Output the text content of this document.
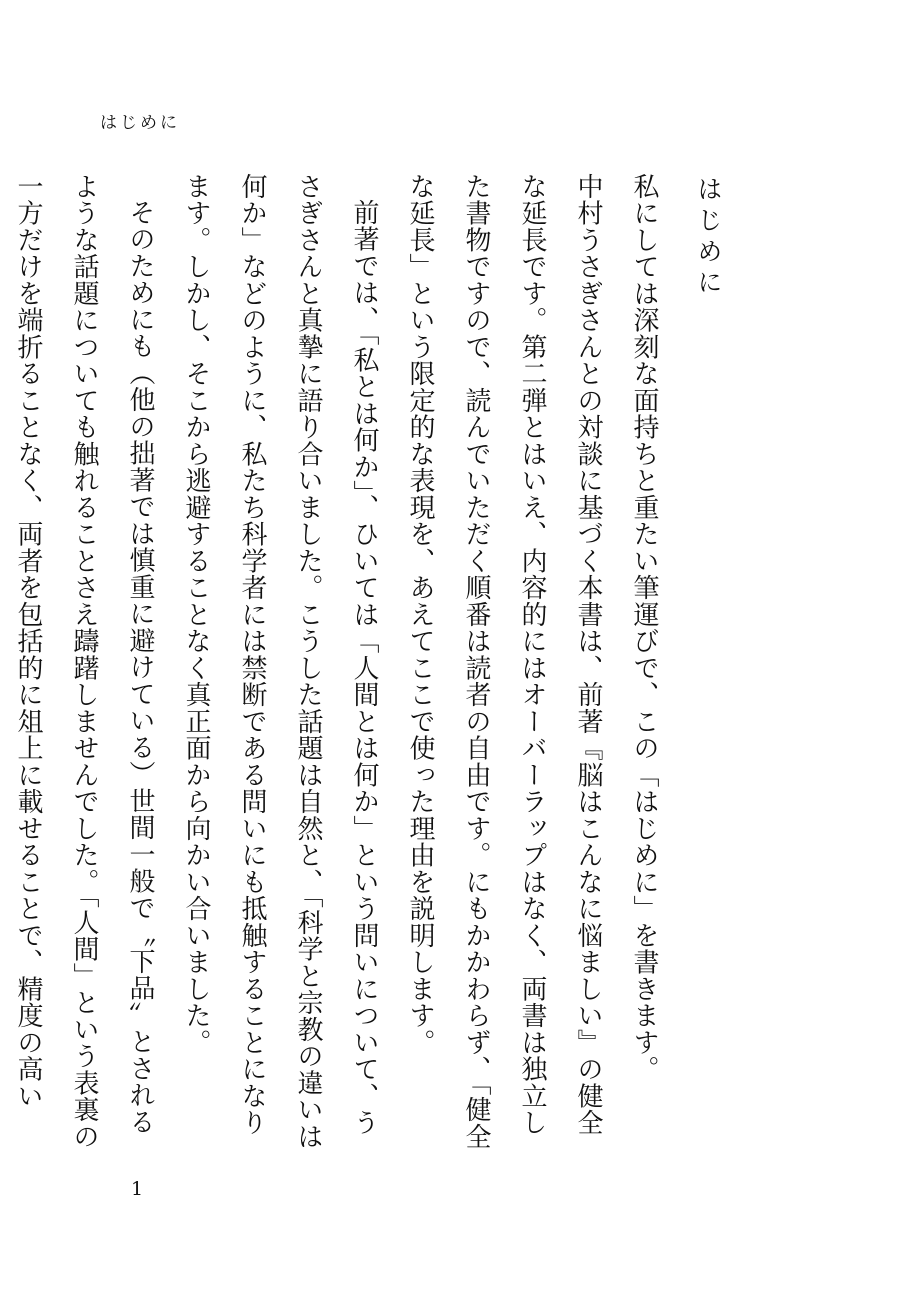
はじめに
はじめに

私にしては深刻な面持ちと重たい筆運びで、この「はじめに」を書きます。

中村うさぎさんとの対談に基づく本書は、前著『脳はこんなに悩ましい』の健全な延長です。第二弾とはいえ、内容的にはオーバーラップはなく、両書は独立した書物ですので、読んでいただく順番は読者の自由です。にもかかわらず、「健全な延長」という限定的な表現を、あえてここで使った理由を説明します。

前著では、「私とは何か」、ひいては「人間とは何か」という問いについて、うさぎさんと真摯に語り合いました。こうした話題は自然と、「科学と宗教の違いは何か」などのように、私たち科学者には禁断である問いにも抵触することになります。しかし、そこから逃避することなく真正面から向かい合いました。

そのためにも（他の拙著では慎重に避けている）世間一般で〝下品〟とされるような話題についても触れることさえ躊躇しませんでした。「人間」という表裏の一方だけを端折ることなく、両者を包括的に俎上に載せることで、精度の高い

1
